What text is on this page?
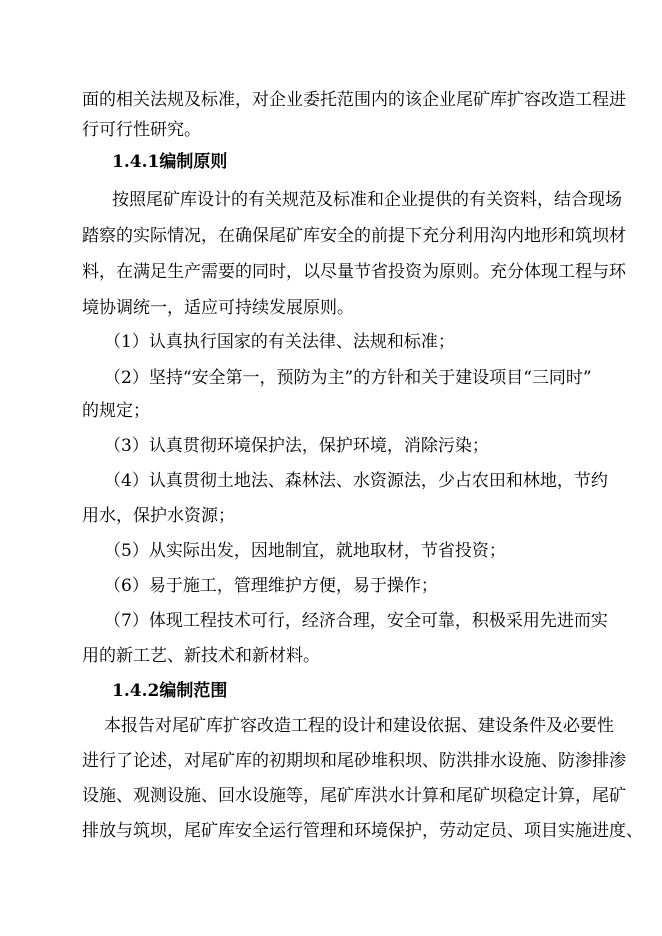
面的相关法规及标准，对企业委托范围内的该企业尾矿库扩容改造工程进
行可行性研究。
1.4.1编制原则
按照尾矿库设计的有关规范及标准和企业提供的有关资料，结合现场
踏察的实际情况，在确保尾矿库安全的前提下充分利用沟内地形和筑坝材
料，在满足生产需要的同时，以尽量节省投资为原则。充分体现工程与环
境协调统一，适应可持续发展原则。
（1）认真执行国家的有关法律、法规和标准；
（2）坚持“安全第一，预防为主”的方针和关于建设项目“三同时”
的规定；
（3）认真贯彻环境保护法，保护环境，消除污染；
（4）认真贯彻土地法、森林法、水资源法，少占农田和林地，节约
用水，保护水资源；
（5）从实际出发，因地制宜，就地取材，节省投资；
（6）易于施工，管理维护方便，易于操作；
（7）体现工程技术可行，经济合理，安全可靠，积极采用先进而实
用的新工艺、新技术和新材料。
1.4.2编制范围
本报告对尾矿库扩容改造工程的设计和建设依据、建设条件及必要性
进行了论述，对尾矿库的初期坝和尾砂堆积坝、防洪排水设施、防渗排渗
设施、观测设施、回水设施等，尾矿库洪水计算和尾矿坝稳定计算，尾矿
排放与筑坝，尾矿库安全运行管理和环境保护，劳动定员、项目实施进度、
